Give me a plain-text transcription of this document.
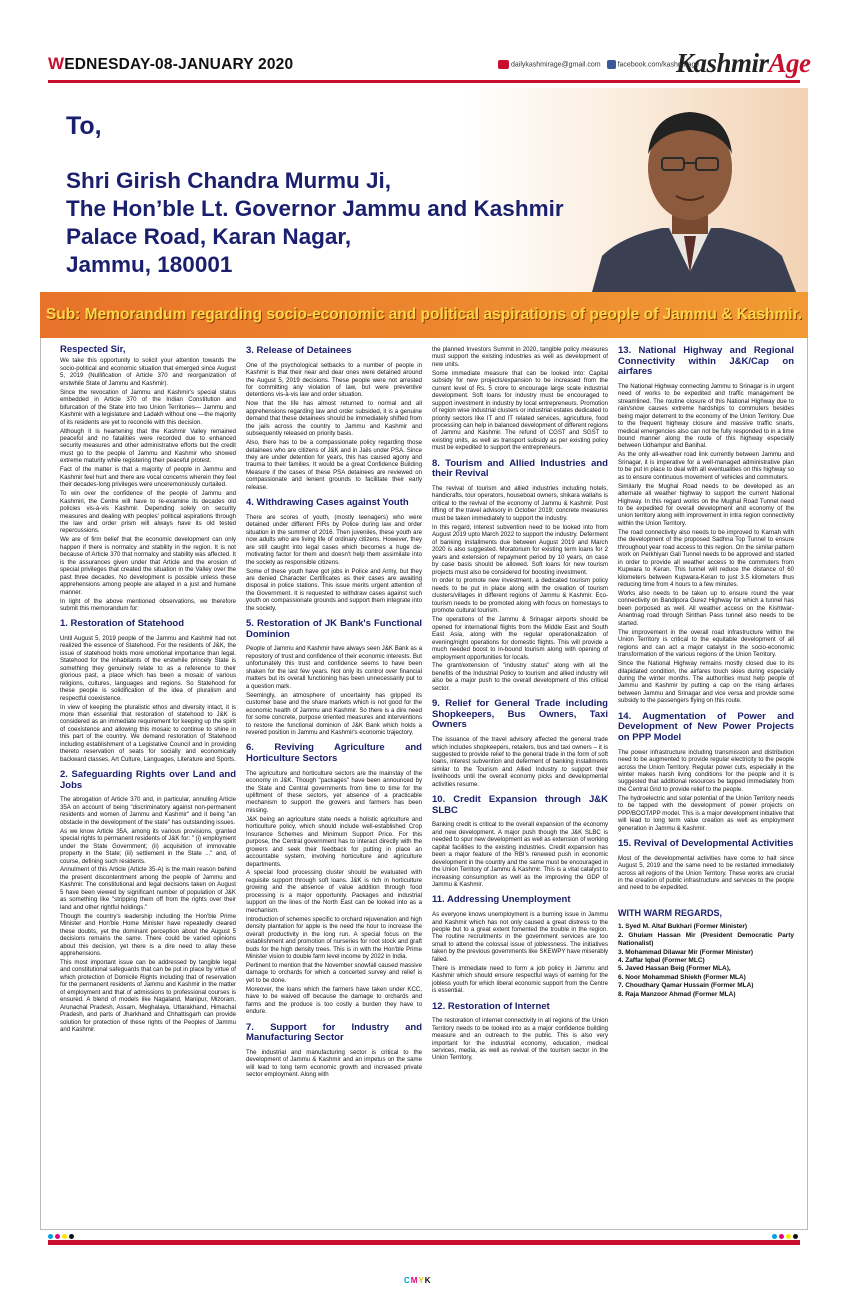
WEDNESDAY-08-JANUARY 2020	dailykashmirage@gmail.com	facebook.com/kashmirage
KashmirAge
To,
Shri Girish Chandra Murmu Ji,
The Hon’ble Lt. Governor Jammu and Kashmir
Palace Road, Karan Nagar,
Jammu, 180001
Sub: Memorandum regarding socio-economic and political aspirations of people of Jammu & Kashmir.
Respected Sir,

We take this opportunity to solicit your attention towards the socio-political and economic situation that emerged since August 5, 2019 (Nullification of Article 370 and reorganization of erstwhile State of Jammu and Kashmir).

Since the revocation of Jammu and Kashmir's special status embedded in Article 370 of the Indian Constitution and bifurcation of the State into two Union Territories— Jammu and Kashmir with a legislature and Ladakh without one —the majority of its residents are yet to reconcile with this decision.

Although it is heartening that the Kashmir Valley remained peaceful and no fatalities were recorded due to enhanced security measures and other administrative efforts but the credit must go to the people of Jammu and Kashmir who showed extreme maturity while registering their peaceful protest.

Fact of the matter is that a majority of people in Jammu and Kashmir feel hurt and there are vocal concerns wherein they feel their decades-long privileges were unceremoniously curtailed.

To win over the confidence of the people of Jammu and Kashmiri, the Centre will have to re-examine its decades old policies vis-à-vis Kashmir. Depending solely on security measures and dealing with peoples' political aspirations through the law and order prism will always have its old tested repercussions.

We are of firm belief that the economic development can only happen if there is normalcy and stability in the region. It is not because of Article 370 that normalcy and stability was affected. It is the assurances given under that Article and the erosion of special privileges that created the situation in the Valley over the past three decades. No development is possible unless these apprehensions among people are allayed in a just and humane manner.

In light of the above mentioned observations, we therefore submit this memorandum for:

1. Restoration of Statehood

Until August 5, 2019 people of the Jammu and Kashmir had not realized the essence of Statehood. For the residents of J&K, the issue of statehood holds more emotional importance than legal. Statehood for the inhabitants of the erstwhile princely State is something they genuinely relate to as a reference to their glorious past, a place which has been a mosaic of various religions, cultures, languages and regions. So Statehood for these people is solidification of the idea of pluralism and respectful coexistence.

In view of keeping the pluralistic ethos and diversity intact, it is more than essential that restoration of statehood to J&K is considered as an immediate requirement for keeping up the spirit of coexistence and allowing this mosaic to continue to shine in this part of the country. We demand restoration of Statehood including establishment of a Legislative Council and in providing thereto reservation of seats for socially and economically backward classes, Art Culture, Languages, Literature and Sports.

2. Safeguarding Rights over Land and Jobs

The abrogation of Article 370 and, in particular, annulling Article 35A on account of being "discriminatory against non-permanent residents and women of Jammu and Kashmir" and it being "an obstacle in the development of the state" has outstanding issues.

As we know Article 35A, among its various provisions, granted special rights to permanent residents of J&K for: " (i) employment under the State Government; (ii) acquisition of immovable property in the State; (iii) settlement in the State ..." and, of course, defining such residents.

Annulment of this Article (Article 35-A) is the main reason behind the present discontentment among the people of Jammu and Kashmir. The constitutional and legal decisions taken on August 5 have been viewed by significant number of population of J&K as something like "stripping them off from the rights over their land and other rightful holdings."

Though the country's leadership including the Hon'ble Prime Minister and Hon'ble Home Minister have repeatedly cleared these doubts, yet the dominant perception about the August 5 decisions remains the same. There could be varied opinions about this decision, yet there is a dire need to allay these apprehensions.

This most important issue can be addressed by tangible legal and constitutional safeguards that can be put in place by virtue of which protection of Domicile Rights including that of reservation for the permanent residents of Jammu and Kashmir in the matter of employment and that of admissions to professional courses is ensured. A blend of models like Nagaland, Manipur, Mizoram, Arunachal Pradesh, Assam, Meghalaya, Uttarakhand, Himachal Pradesh, and parts of Jharkhand and Chhattisgarh can provide solution for protection of these rights of the Peoples of Jammu and Kashmir.

3. Release of Detainees

One of the psychological setbacks to a number of people in Kashmir is that their near and dear ones were detained around the August 5, 2019 decisions. These people were not arrested for committing any violation of law, but were preventive detentions vis-à-vis law and order situation.

Now that the life has almost returned to normal and all apprehensions regarding law and order subsided, it is a genuine demand that these detainees should be immediately shifted from the jails across the country to Jammu and Kashmir and subsequently released on priority basis.

Also, there has to be a compassionate policy regarding those detainees who are citizens of J&K and in Jails under PSA. Since they are under detention for years, this has caused agony and trauma to their families. It would be a great Confidence Building Measure if the cases of these PSA detainees are reviewed on compassionate and lenient grounds to facilitate their early release.

4. Withdrawing Cases against Youth

There are scores of youth, (mostly teenagers) who were detained under different FIRs by Police during law and order situation in the summer of 2016. Then juveniles, these youth are now adults who are living life of ordinary citizens. However, they are still caught into legal cases which becomes a huge de-motivating factor for them and doesn't help them assimilate into the society as responsible citizens.

Some of these youth have got jobs in Police and Army, but they are denied Character Certificates as their cases are awaiting disposal in police stations. This issue merits urgent attention of the Government. It is requested to withdraw cases against such youth on compassionate grounds and support them integrate into the society.

5. Restoration of JK Bank's Functional Dominion

People of Jammu and Kashmir have always seen J&K Bank as a repository of trust and confidence of their economic interests. But unfortunately this trust and confidence seems to have been shaken for the last few years. Not only its control over financial matters but its overall functioning has been unnecessarily put to a question mark.

Seemingly, an atmosphere of uncertainty has gripped its customer base and the share markets which is not good for the economic health of Jammu and Kashmir. So there is a dire need for some concrete, purpose oriented measures and interventions to restore the functional dominion of J&K Bank which holds a revered position in Jammu and Kashmir's economic trajectory.

6. Reviving Agriculture and Horticulture Sectors

The agriculture and horticulture sectors are the mainstay of the economy in J&K. Though "packages" have been announced by the State and Central governments from time to time for the upliftment of these sectors, yet absence of a practicable mechanism to support the growers and farmers has been missing.

J&K being an agriculture state needs a holistic agriculture and horticulture policy, which should include well-established Crop Insurance Schemes and Minimum Support Price. For this purpose, the Central government has to interact directly with the growers and seek their feedback for putting in place an accountable system, involving horticulture and agriculture departments.

A special food processing cluster should be evaluated with requisite support through soft loans. J&K is rich in horticulture growing and the absence of value addition through food processing is a major opportunity. Packages and industrial support on the lines of the North East can be looked into as a mechanism.

Introduction of schemes specific to orchard rejuvenation and high density plantation for apple is the need the hour to increase the overall productivity in the long run. A special focus on the establishment and promotion of nurseries for root stock and graft buds for the high density trees. This is in with the Hon'ble Prime Minister vision to double farm level income by 2022 in India.

Pertinent to mention that the November snowfall caused massive damage to orchards for which a concerted survey and relief is yet to be done.

Moreover, the loans which the farmers have taken under KCC, have to be waived off because the damage to orchards and farms and the produce is too costly a burden they have to endure.

7. Support for Industry and Manufacturing Sector

The industrial and manufacturing sector is critical to the development of Jammu & Kashmir and an impetus on the same will lead to long term economic growth and increased private sector employment. Along with

the planned Investors Summit in 2020, tangible policy measures must support the existing industries as well as development of new units.

Some immediate measure that can be looked into: Capital subsidy for new projects/expansion to be increased from the current level of Rs. 5 crore to encourage large scale industrial development. Soft loans for industry must be encouraged to support investment in industry by local entrepreneurs. Promotion of region wise industrial clusters or industrial estates dedicated to priority sectors like IT and IT related services, agriculture, food processing can help in balanced development of different regions of Jammu and Kashmir. The refund of CGST and SGST to existing units, as well as transport subsidy as per existing policy must be expedited to support the entrepreneurs.

8. Tourism and Allied Industries and their Revival

The revival of tourism and allied industries including hotels, handicrafts, tour operators, houseboat owners, shikara wallahs is critical to the revival of the economy of Jammu & Kashmir. Post lifting of the travel advisory in October 2019; concrete measures must be taken immediately to support the industry.

In this regard, interest subvention need to be looked into from August 2019 upto March 2022 to support the industry. Deferment of banking installments due between August 2019 and March 2020 is also suggested. Moratorium for existing term loans for 2 years and extension of repayment period by 10 years, on case by case basis should be allowed. Soft loans for new tourism projects must also be considered for boosting investment.

In order to promote new investment, a dedicated tourism policy needs to be put in place along with the creation of tourism clusters/villages in different regions of Jammu & Kashmir. Eco-tourism needs to be promoted along with focus on homestays to promote cultural tourism.

The operations of the Jammu & Srinagar airports should be opened for international flights from the Middle East and South East Asia, along with the regular operationalization of evening/night operations for domestic flights. This will provide a much needed boost to in-bound tourism along with opening of employment opportunities for locals.

The grant/extension of "industry status" along with all the benefits of the Industrial Policy to tourism and allied industry will also be a major push to the overall development of this critical sector.

9. Relief for General Trade including Shopkeepers, Bus Owners, Taxi Owners

The issuance of the travel advisory affected the general trade which includes shopkeepers, retailers, bus and taxi owners – it is suggested to provide relief to the general trade in the form of soft loans, interest subvention and deferment of banking installments similar to the Tourism and Allied Industry to support their livelihoods until the overall economy picks and developmental activities resume.

10. Credit Expansion through J&K SLBC

Banking credit is critical to the overall expansion of the economy and new development. A major push though the J&K SLBC is needed to spur new development as well as extension of working capital facilities to the existing industries. Credit expansion has been a major feature of the RBI's renewed push in economic development in the country and the same must be encouraged in the Union Territory of Jammu & Kashmir. This is a vital catalyst to increasing consumption as well as the improving the GDP of Jammu & Kashmir.

11. Addressing Unemployment

As everyone knows unemployment is a burning issue in Jammu and Kashmir which has not only caused a great distress to the people but to a great extent fomented the trouble in the region. The routine recruitments in the government services are too small to attend the colossal issue of joblessness. The initiatives taken by the previous governments like SKEWPY have miserably failed.

There is immediate need to form a job policy in Jammu and Kashmir which should ensure respectful ways of earning for the jobless youth for which liberal economic support from the Centre is essential.

12. Restoration of Internet

The restoration of internet connectivity in all regions of the Union Territory needs to be looked into as a major confidence building measure and an outreach to the public. This is also very important for the industrial economy, education, medical services, media, as well as revival of the tourism sector in the Union Territory,

13. National Highway and Regional Connectivity within J&K/Cap on airfares

The National Highway connecting Jammu to Srinagar is in urgent need of works to be expedited and traffic management be streamlined. The routine closure of this National Highway due to rain/snow causes extreme hardships to commuters besides being major deterrent to the economy of the Union Territory. Due to the frequent highway closure and massive traffic snarls, medical emergencies also can not be fully responded to in a time bound manner along the route of this highway especially between Udhampur and Banihal.

As the only all-weather road link currently between Jammu and Srinagar, it is imperative for a well-managed administrative plan to be put in place to deal with all eventualities on this highway so as to ensure continuous movement of vehicles and commuters.

Similarly the Mughal Road needs to be developed as an alternate all weather highway to support the current National Highway. In this regard works on the Mughal Road Tunnel need to be expedited for overall development and economy of the union territory along with improvement in intra region connectivity within the Union Territory.

The road connectivity also needs to be improved to Karnah with the development of the proposed Sadhna Top Tunnel to ensure throughout year road access to this region. On the similar pattern work on Perkhiyan Gali Tunnel needs to be approved and started in order to provide all weather access to the commuters from Kupwara to Keran. This tunnel will reduce the distance of 60 kilometers between Kupwara-Keran to just 3.5 kilometers thus reducing time from 4 hours to a few minutes.

Works also needs to be taken up to ensure round the year connectivity on Bandipora Gurez Highway for which a tunnel has been porposed as well. All weather access on the Kishtwar-Anantnag road through Sinthan Pass tunnel also needs to be started.

The improvement in the overall road infrastructure within the Union Territory is critical to the equitable development of all regions and can act a major catalyst in the socio-economic transformation of the various regions of the Union Territory.

Since the National Highway remains mostly closed due to its dilapidated condition, the airfares touch skies during especially during the winter months. The authorities must help people of Jammu and Kashmir by putting a cap on the rising airfares between Jammu and Srinagar and vice versa and provide some subsidy to the passengers flying on this route.

14. Augmentation of Power and Development of New Power Projects on PPP Model

The power infrastructure including transmission and distribution need to be augmented to provide regular electricity to the people across the Union Territory. Regular power cuts, especially in the winter makes harsh living conditions for the people and it is suggested that additional resources be tapped immediately from the Central Grid to provide relief to the people.

The hydroelectric and solar potential of the Union Territory needs to be tapped with the development of power projects on PPP/BOOT/IPP model. This is a major development initiative that will lead to long term value creation as well as employment generation in Jammu & Kashmir.

15. Revival of Developmental Activities

Most of the developmental activities have come to halt since August 5, 2019 and the same need to be restarted immediately across all regions of the Union Territory. These works are crucial in the creation of public infrastructure and services to the people and need to be expedited.

WITH WARM REGARDS,
1. Syed M. Altaf Bukhari (Former Minister)
2. Ghulam Hassan Mir (President Democratic Party Nationalist)
3. Mohammad Dilawar Mir (Former Minister)
4. Zaffar Iqbal (Former MLC)
5. Javed Hassan Beig (Former MLA),
6. Noor Mohammad Shiekh (Former MLA)
7. Choudhary Qamar Hussain (Former MLA)
8. Raja Manzoor Ahmad (Former MLA)
CMYK
